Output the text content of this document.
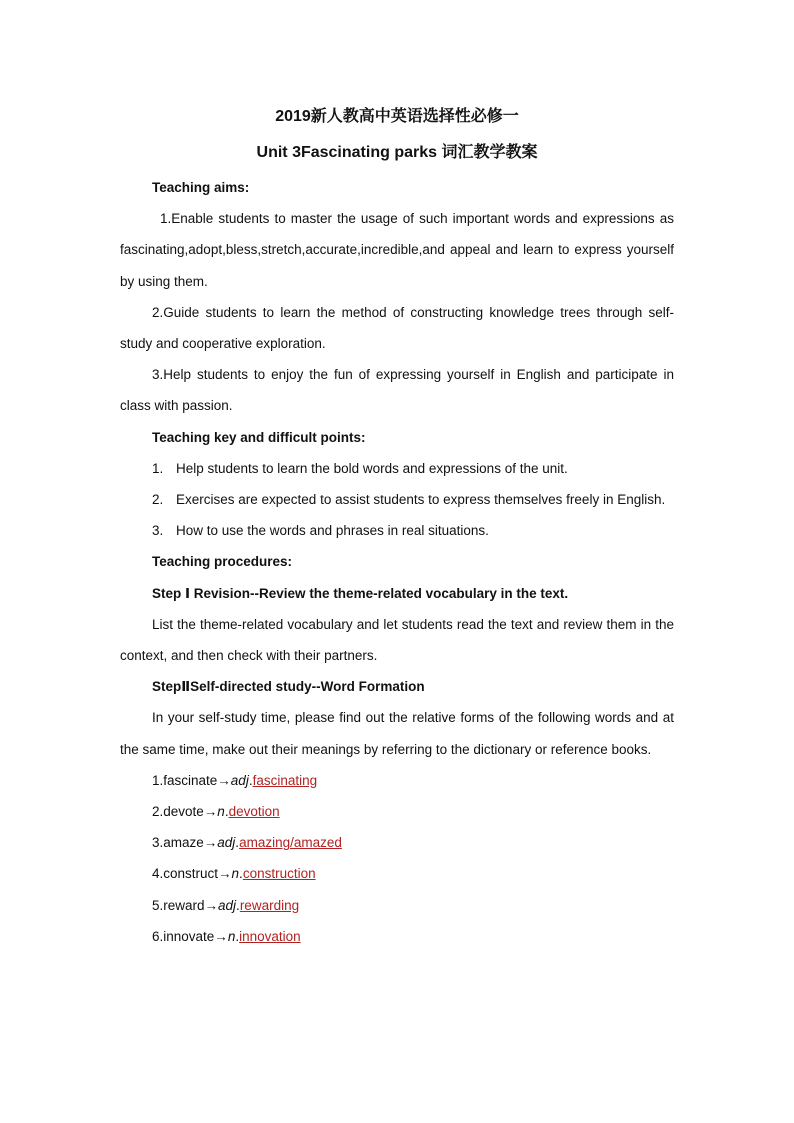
2019新人教高中英语选择性必修一
Unit 3Fascinating parks 词汇教学教案

Teaching aims:

1.Enable students to master the usage of such important words and expressions as fascinating,adopt,bless,stretch,accurate,incredible,and appeal and learn to express yourself by using them.

2.Guide students to learn the method of constructing knowledge trees through self-study and cooperative exploration.

3.Help students to enjoy the fun of expressing yourself in English and participate in class with passion.

Teaching key and difficult points:

1. Help students to learn the bold words and expressions of the unit.

2. Exercises are expected to assist students to express themselves freely in English.

3. How to use the words and phrases in real situations.

Teaching procedures:

Step Ⅰ Revision--Review the theme-related vocabulary in the text.

List the theme-related vocabulary and let students read the text and review them in the context, and then check with their partners.

StepⅡSelf-directed study--Word Formation

In your self-study time, please find out the relative forms of the following words and at the same time, make out their meanings by referring to the dictionary or reference books.

1.fascinate→adj.fascinating

2.devote→n.devotion

3.amaze→adj.amazing/amazed

4.construct→n.construction

5.reward→adj.rewarding

6.innovate→n.innovation
